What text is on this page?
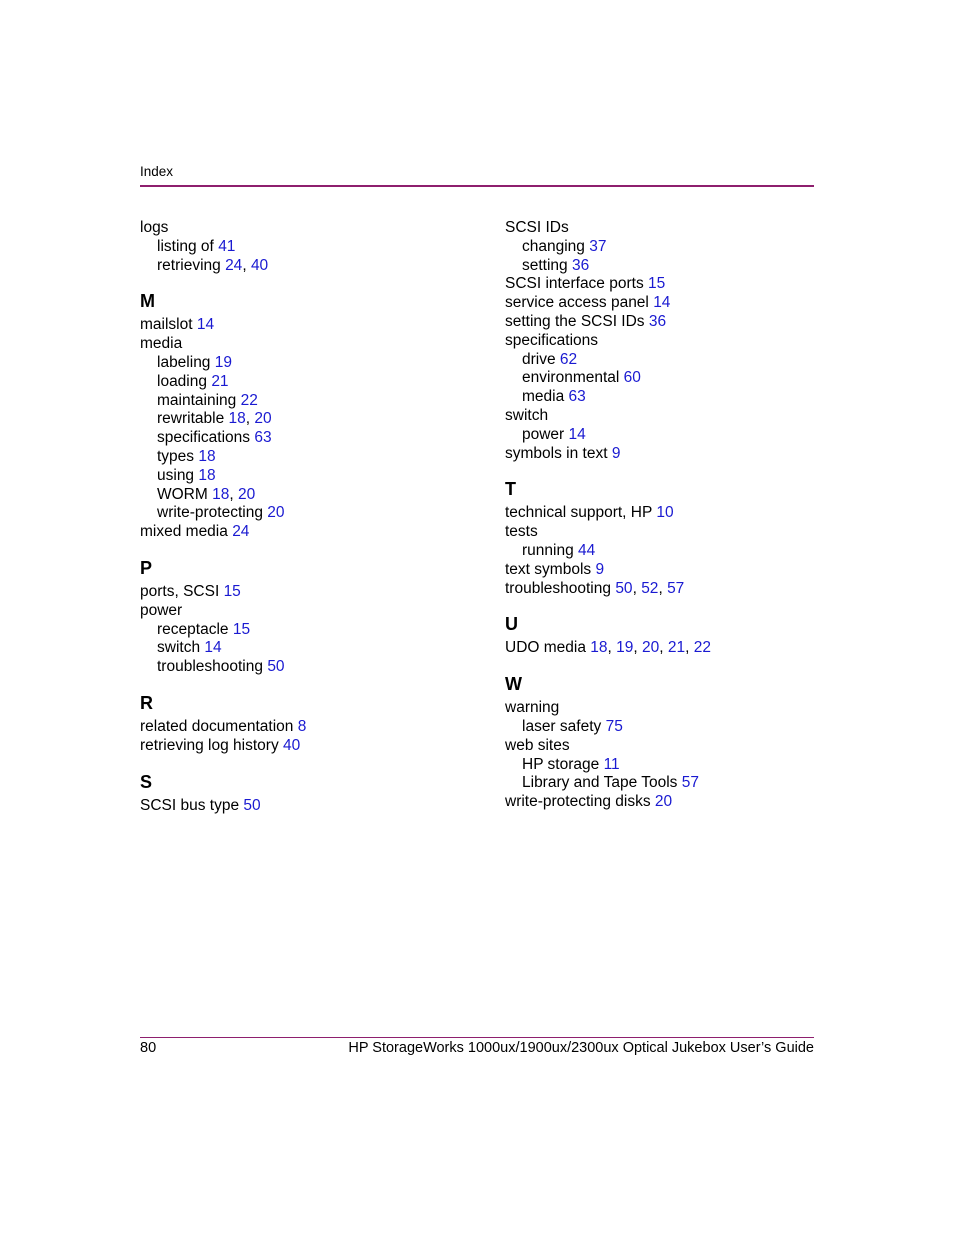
Index
logs
listing of 41
retrieving 24, 40
M
mailslot 14
media
labeling 19
loading 21
maintaining 22
rewritable 18, 20
specifications 63
types 18
using 18
WORM 18, 20
write-protecting 20
mixed media 24
P
ports, SCSI 15
power
receptacle 15
switch 14
troubleshooting 50
R
related documentation 8
retrieving log history 40
S
SCSI bus type 50
SCSI IDs
changing 37
setting 36
SCSI interface ports 15
service access panel 14
setting the SCSI IDs 36
specifications
drive 62
environmental 60
media 63
switch
power 14
symbols in text 9
T
technical support, HP 10
tests
running 44
text symbols 9
troubleshooting 50, 52, 57
U
UDO media 18, 19, 20, 21, 22
W
warning
laser safety 75
web sites
HP storage 11
Library and Tape Tools 57
write-protecting disks 20
80	HP StorageWorks 1000ux/1900ux/2300ux Optical Jukebox User’s Guide
